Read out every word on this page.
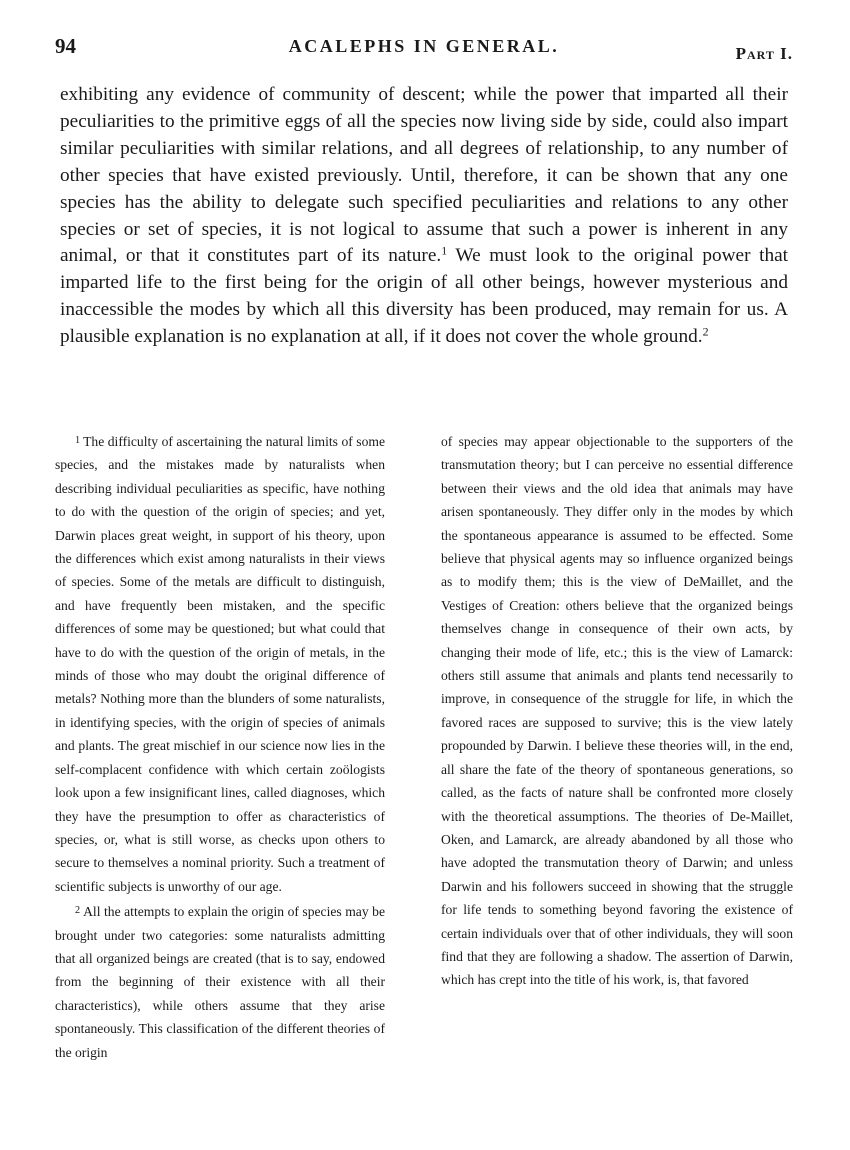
94	ACALEPHS IN GENERAL.	Part I.

exhibiting any evidence of community of descent; while the power that imparted all their peculiarities to the primitive eggs of all the species now living side by side, could also impart similar peculiarities with similar relations, and all degrees of relationship, to any number of other species that have existed previously. Until, therefore, it can be shown that any one species has the ability to delegate such specified peculiarities and relations to any other species or set of species, it is not logical to assume that such a power is inherent in any animal, or that it constitutes part of its nature.$^1$ We must look to the original power that imparted life to the first being for the origin of all other beings, however mysterious and inaccessible the modes by which all this diversity has been produced, may remain for us. A plausible explanation is no explanation at all, if it does not cover the whole ground.$^2$

$^1$ The difficulty of ascertaining the natural limits of some species, and the mistakes made by naturalists when describing individual peculiarities as specific, have nothing to do with the question of the origin of species; and yet, Darwin places great weight, in support of his theory, upon the differences which exist among naturalists in their views of species. Some of the metals are difficult to distinguish, and have frequently been mistaken, and the specific differences of some may be questioned; but what could that have to do with the question of the origin of metals, in the minds of those who may doubt the original difference of metals? Nothing more than the blunders of some naturalists, in identifying species, with the origin of species of animals and plants. The great mischief in our science now lies in the self-complacent confidence with which certain zoölogists look upon a few insignificant lines, called diagnoses, which they have the presumption to offer as characteristics of species, or, what is still worse, as checks upon others to secure to themselves a nominal priority. Such a treatment of scientific subjects is unworthy of our age.

$^2$ All the attempts to explain the origin of species may be brought under two categories: some naturalists admitting that all organized beings are created (that is to say, endowed from the beginning of their existence with all their characteristics), while others assume that they arise spontaneously. This classification of the different theories of the origin

of species may appear objectionable to the supporters of the transmutation theory; but I can perceive no essential difference between their views and the old idea that animals may have arisen spontaneously. They differ only in the modes by which the spontaneous appearance is assumed to be effected. Some believe that physical agents may so influence organized beings as to modify them; this is the view of DeMaillet, and the Vestiges of Creation: others believe that the organized beings themselves change in consequence of their own acts, by changing their mode of life, etc.; this is the view of Lamarck: others still assume that animals and plants tend necessarily to improve, in consequence of the struggle for life, in which the favored races are supposed to survive; this is the view lately propounded by Darwin. I believe these theories will, in the end, all share the fate of the theory of spontaneous generations, so called, as the facts of nature shall be confronted more closely with the theoretical assumptions. The theories of De-Maillet, Oken, and Lamarck, are already abandoned by all those who have adopted the transmutation theory of Darwin; and unless Darwin and his followers succeed in showing that the struggle for life tends to something beyond favoring the existence of certain individuals over that of other individuals, they will soon find that they are following a shadow. The assertion of Darwin, which has crept into the title of his work, is, that favored
